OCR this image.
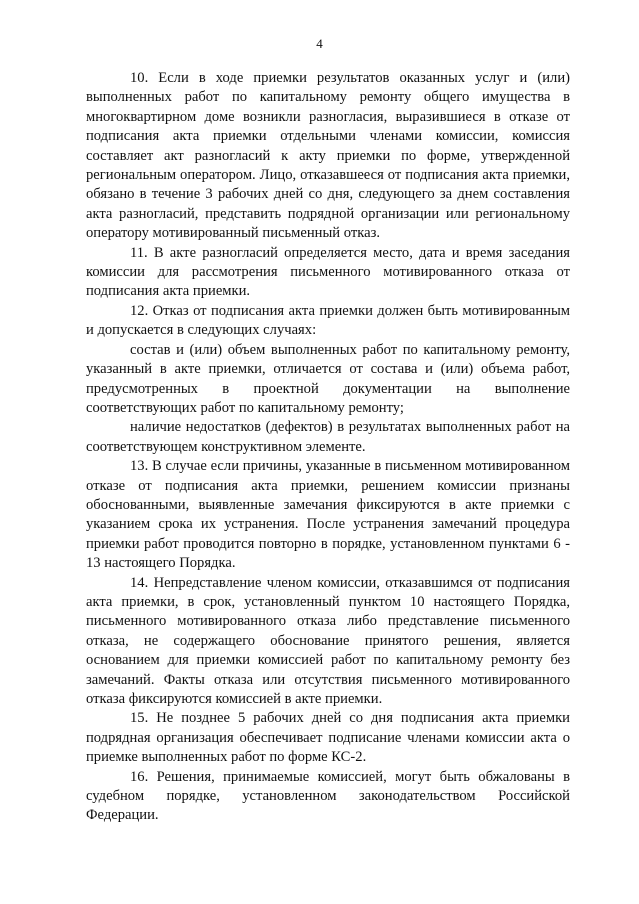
4

10. Если в ходе приемки результатов оказанных услуг и (или) выполненных работ по капитальному ремонту общего имущества в многоквартирном доме возникли разногласия, выразившиеся в отказе от подписания акта приемки отдельными членами комиссии, комиссия составляет акт разногласий к акту приемки по форме, утвержденной региональным оператором. Лицо, отказавшееся от подписания акта приемки, обязано в течение 3 рабочих дней со дня, следующего за днем составления акта разногласий, представить подрядной организации или региональному оператору мотивированный письменный отказ.

11. В акте разногласий определяется место, дата и время заседания комиссии для рассмотрения письменного мотивированного отказа от подписания акта приемки.

12. Отказ от подписания акта приемки должен быть мотивированным и допускается в следующих случаях:

состав и (или) объем выполненных работ по капитальному ремонту, указанный в акте приемки, отличается от состава и (или) объема работ, предусмотренных в проектной документации на выполнение соответствующих работ по капитальному ремонту;

наличие недостатков (дефектов) в результатах выполненных работ на соответствующем конструктивном элементе.

13. В случае если причины, указанные в письменном мотивированном отказе от подписания акта приемки, решением комиссии признаны обоснованными, выявленные замечания фиксируются в акте приемки с указанием срока их устранения. После устранения замечаний процедура приемки работ проводится повторно в порядке, установленном пунктами 6 - 13 настоящего Порядка.

14. Непредставление членом комиссии, отказавшимся от подписания акта приемки, в срок, установленный пунктом 10 настоящего Порядка, письменного мотивированного отказа либо представление письменного отказа, не содержащего обоснование принятого решения, является основанием для приемки комиссией работ по капитальному ремонту без замечаний. Факты отказа или отсутствия письменного мотивированного отказа фиксируются комиссией в акте приемки.

15. Не позднее 5 рабочих дней со дня подписания акта приемки подрядная организация обеспечивает подписание членами комиссии акта о приемке выполненных работ по форме КС-2.

16. Решения, принимаемые комиссией, могут быть обжалованы в судебном порядке, установленном законодательством Российской Федерации.
